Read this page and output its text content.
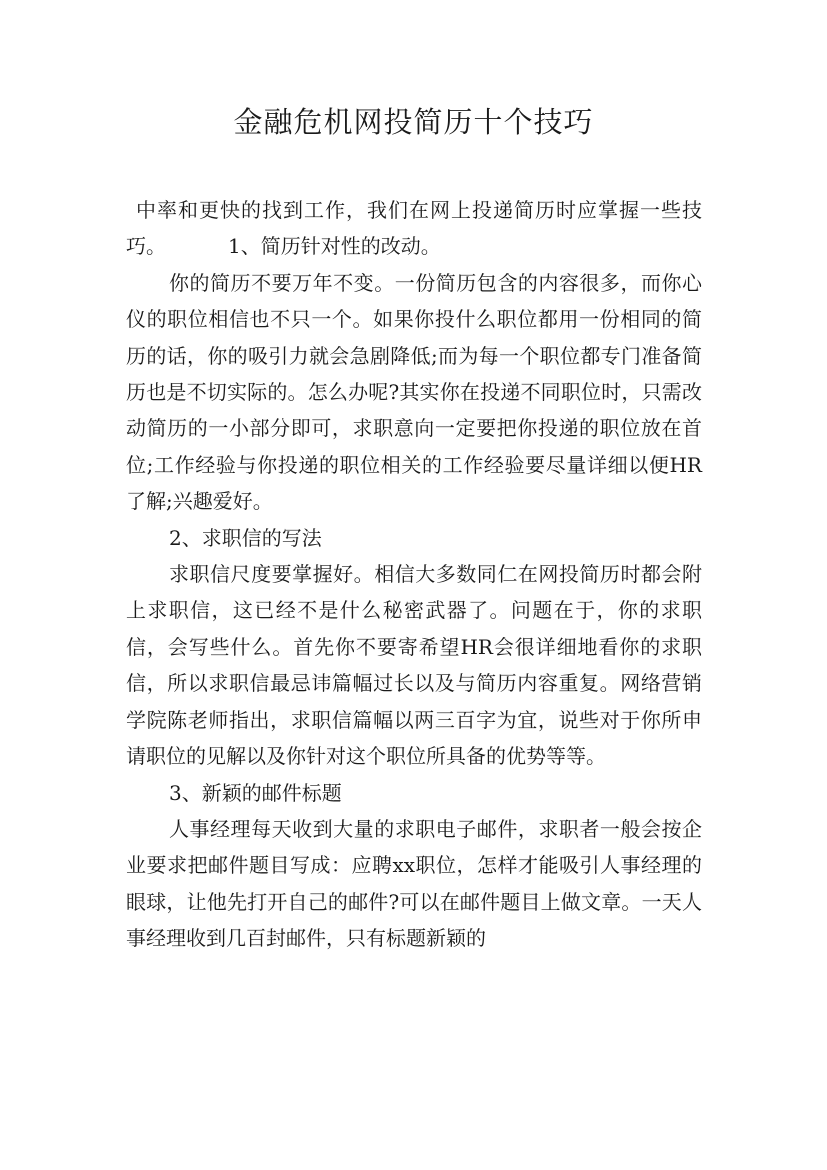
金融危机网投简历十个技巧

中率和更快的找到工作，我们在网上投递简历时应掌握一些技巧。	1、简历针对性的改动。

你的简历不要万年不变。一份简历包含的内容很多，而你心仪的职位相信也不只一个。如果你投什么职位都用一份相同的简历的话，你的吸引力就会急剧降低;而为每一个职位都专门准备简历也是不切实际的。怎么办呢?其实你在投递不同职位时，只需改动简历的一小部分即可，求职意向一定要把你投递的职位放在首位;工作经验与你投递的职位相关的工作经验要尽量详细以便HR了解;兴趣爱好。

2、求职信的写法

求职信尺度要掌握好。相信大多数同仁在网投简历时都会附上求职信，这已经不是什么秘密武器了。问题在于，你的求职信，会写些什么。首先你不要寄希望HR会很详细地看你的求职信，所以求职信最忌讳篇幅过长以及与简历内容重复。网络营销学院陈老师指出，求职信篇幅以两三百字为宜，说些对于你所申请职位的见解以及你针对这个职位所具备的优势等等。

3、新颖的邮件标题

人事经理每天收到大量的求职电子邮件，求职者一般会按企业要求把邮件题目写成：应聘xx职位，怎样才能吸引人事经理的眼球，让他先打开自己的邮件?可以在邮件题目上做文章。一天人事经理收到几百封邮件，只有标题新颖的
